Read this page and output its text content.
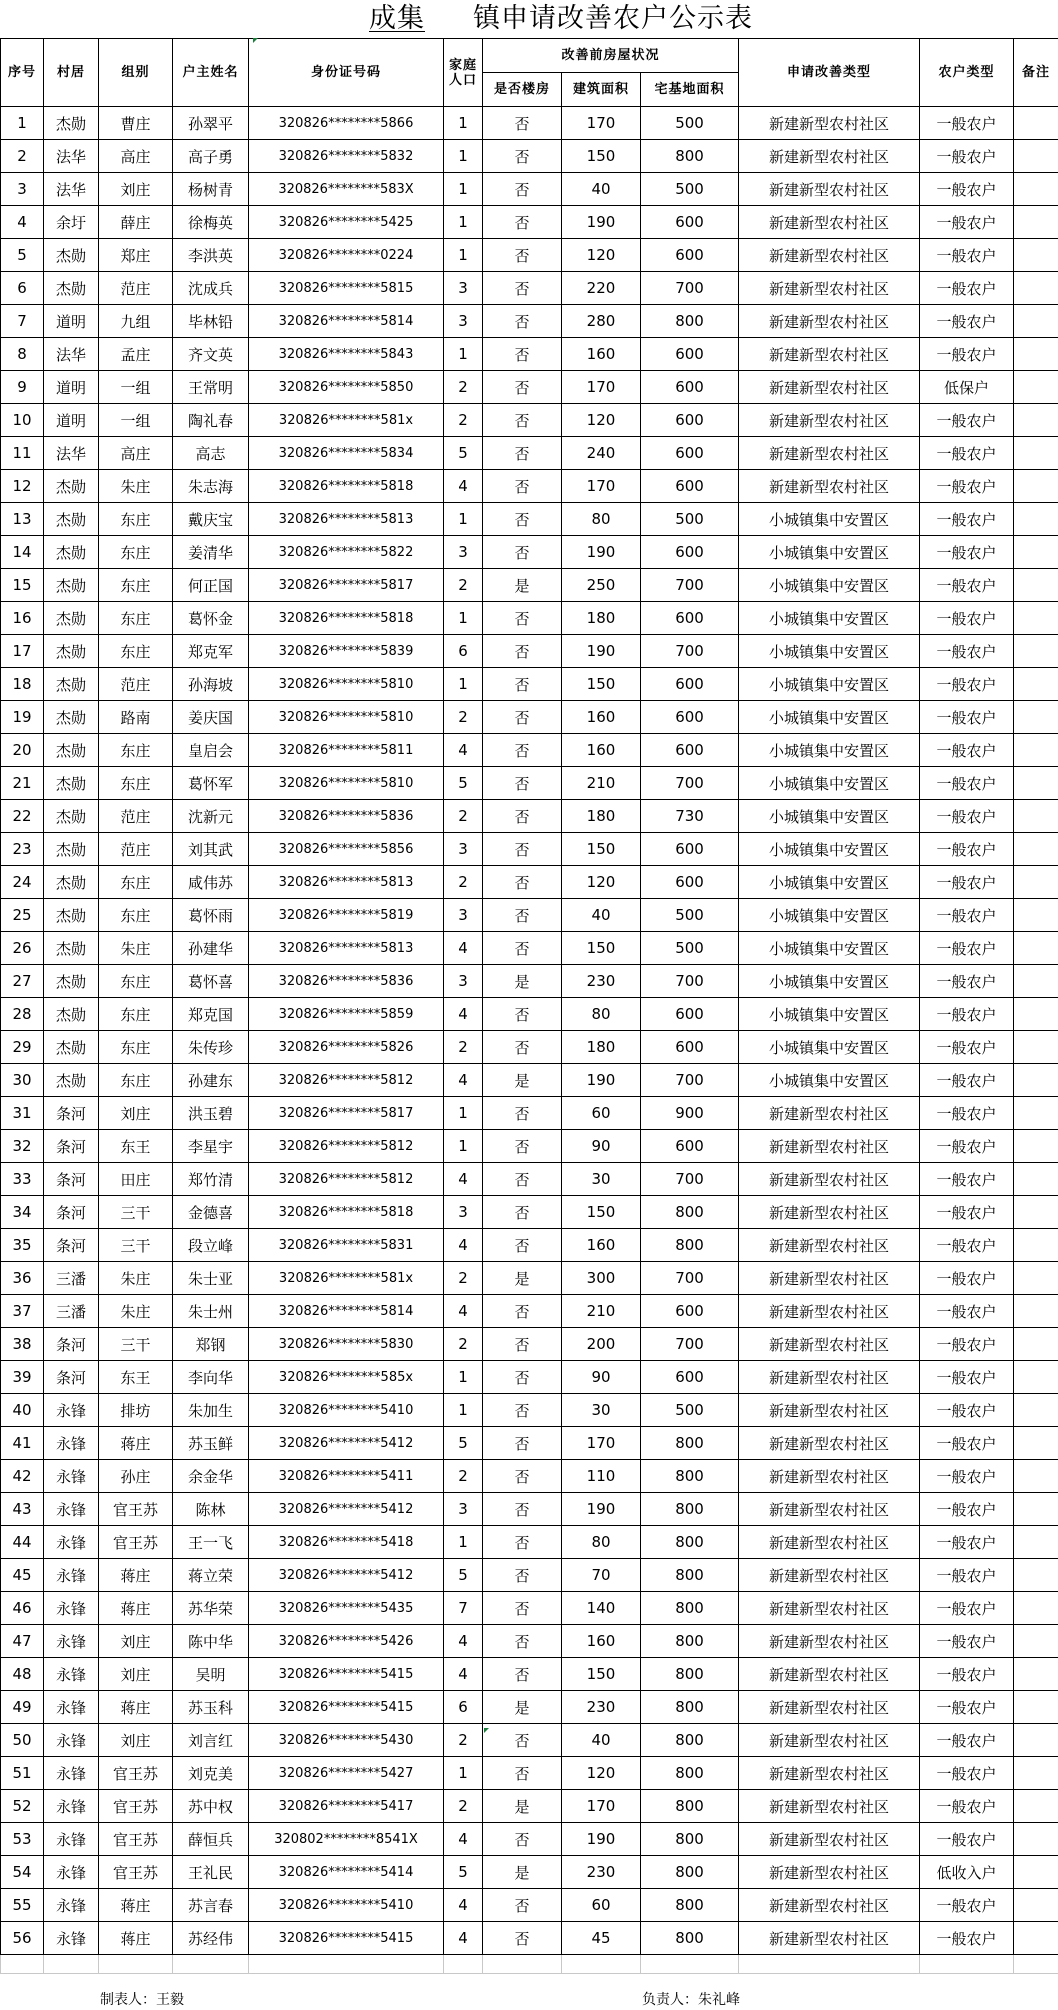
成集 镇申请改善农户公示表
序号	村居	组别	户主姓名	身份证号码	家庭人口	改善前房屋状况			申请改善类型	农户类型	备注
						是否楼房	建筑面积	宅基地面积			
1	杰勋	曹庄	孙翠平	320826********5866	1	否	170	500	新建新型农村社区	一般农户	
2	法华	高庄	高子勇	320826********5832	1	否	150	800	新建新型农村社区	一般农户	
3	法华	刘庄	杨树青	320826********583X	1	否	40	500	新建新型农村社区	一般农户	
4	余圩	薛庄	徐梅英	320826********5425	1	否	190	600	新建新型农村社区	一般农户	
5	杰勋	郑庄	李洪英	320826********0224	1	否	120	600	新建新型农村社区	一般农户	
6	杰勋	范庄	沈成兵	320826********5815	3	否	220	700	新建新型农村社区	一般农户	
7	道明	九组	毕林铅	320826********5814	3	否	280	800	新建新型农村社区	一般农户	
8	法华	孟庄	齐文英	320826********5843	1	否	160	600	新建新型农村社区	一般农户	
9	道明	一组	王常明	320826********5850	2	否	170	600	新建新型农村社区	低保户	
10	道明	一组	陶礼春	320826********581x	2	否	120	600	新建新型农村社区	一般农户	
11	法华	高庄	高志	320826********5834	5	否	240	600	新建新型农村社区	一般农户	
12	杰勋	朱庄	朱志海	320826********5818	4	否	170	600	新建新型农村社区	一般农户	
13	杰勋	东庄	戴庆宝	320826********5813	1	否	80	500	小城镇集中安置区	一般农户	
14	杰勋	东庄	姜清华	320826********5822	3	否	190	600	小城镇集中安置区	一般农户	
15	杰勋	东庄	何正国	320826********5817	2	是	250	700	小城镇集中安置区	一般农户	
16	杰勋	东庄	葛怀金	320826********5818	1	否	180	600	小城镇集中安置区	一般农户	
17	杰勋	东庄	郑克军	320826********5839	6	否	190	700	小城镇集中安置区	一般农户	
18	杰勋	范庄	孙海坡	320826********5810	1	否	150	600	小城镇集中安置区	一般农户	
19	杰勋	路南	姜庆国	320826********5810	2	否	160	600	小城镇集中安置区	一般农户	
20	杰勋	东庄	皇启会	320826********5811	4	否	160	600	小城镇集中安置区	一般农户	
21	杰勋	东庄	葛怀军	320826********5810	5	否	210	700	小城镇集中安置区	一般农户	
22	杰勋	范庄	沈新元	320826********5836	2	否	180	730	小城镇集中安置区	一般农户	
23	杰勋	范庄	刘其武	320826********5856	3	否	150	600	小城镇集中安置区	一般农户	
24	杰勋	东庄	咸伟苏	320826********5813	2	否	120	600	小城镇集中安置区	一般农户	
25	杰勋	东庄	葛怀雨	320826********5819	3	否	40	500	小城镇集中安置区	一般农户	
26	杰勋	朱庄	孙建华	320826********5813	4	否	150	500	小城镇集中安置区	一般农户	
27	杰勋	东庄	葛怀喜	320826********5836	3	是	230	700	小城镇集中安置区	一般农户	
28	杰勋	东庄	郑克国	320826********5859	4	否	80	600	小城镇集中安置区	一般农户	
29	杰勋	东庄	朱传珍	320826********5826	2	否	180	600	小城镇集中安置区	一般农户	
30	杰勋	东庄	孙建东	320826********5812	4	是	190	700	小城镇集中安置区	一般农户	
31	条河	刘庄	洪玉碧	320826********5817	1	否	60	900	新建新型农村社区	一般农户	
32	条河	东王	李星宇	320826********5812	1	否	90	600	新建新型农村社区	一般农户	
33	条河	田庄	郑竹清	320826********5812	4	否	30	700	新建新型农村社区	一般农户	
34	条河	三干	金德喜	320826********5818	3	否	150	800	新建新型农村社区	一般农户	
35	条河	三干	段立峰	320826********5831	4	否	160	800	新建新型农村社区	一般农户	
36	三潘	朱庄	朱士亚	320826********581x	2	是	300	700	新建新型农村社区	一般农户	
37	三潘	朱庄	朱士州	320826********5814	4	否	210	600	新建新型农村社区	一般农户	
38	条河	三干	郑钢	320826********5830	2	否	200	700	新建新型农村社区	一般农户	
39	条河	东王	李向华	320826********585x	1	否	90	600	新建新型农村社区	一般农户	
40	永锋	排坊	朱加生	320826********5410	1	否	30	500	新建新型农村社区	一般农户	
41	永锋	蒋庄	苏玉鲜	320826********5412	5	否	170	800	新建新型农村社区	一般农户	
42	永锋	孙庄	余金华	320826********5411	2	否	110	800	新建新型农村社区	一般农户	
43	永锋	官王苏	陈林	320826********5412	3	否	190	800	新建新型农村社区	一般农户	
44	永锋	官王苏	王一飞	320826********5418	1	否	80	800	新建新型农村社区	一般农户	
45	永锋	蒋庄	蒋立荣	320826********5412	5	否	70	800	新建新型农村社区	一般农户	
46	永锋	蒋庄	苏华荣	320826********5435	7	否	140	800	新建新型农村社区	一般农户	
47	永锋	刘庄	陈中华	320826********5426	4	否	160	800	新建新型农村社区	一般农户	
48	永锋	刘庄	吴明	320826********5415	4	否	150	800	新建新型农村社区	一般农户	
49	永锋	蒋庄	苏玉科	320826********5415	6	是	230	800	新建新型农村社区	一般农户	
50	永锋	刘庄	刘言红	320826********5430	2	否	40	800	新建新型农村社区	一般农户	
51	永锋	官王苏	刘克美	320826********5427	1	否	120	800	新建新型农村社区	一般农户	
52	永锋	官王苏	苏中权	320826********5417	2	是	170	800	新建新型农村社区	一般农户	
53	永锋	官王苏	薛恒兵	320802********8541X	4	否	190	800	新建新型农村社区	一般农户	
54	永锋	官王苏	王礼民	320826********5414	5	是	230	800	新建新型农村社区	低收入户	
55	永锋	蒋庄	苏言春	320826********5410	4	否	60	800	新建新型农村社区	一般农户	
56	永锋	蒋庄	苏经伟	320826********5415	4	否	45	800	新建新型农村社区	一般农户	

制表人：王毅	负责人：朱礼峰
